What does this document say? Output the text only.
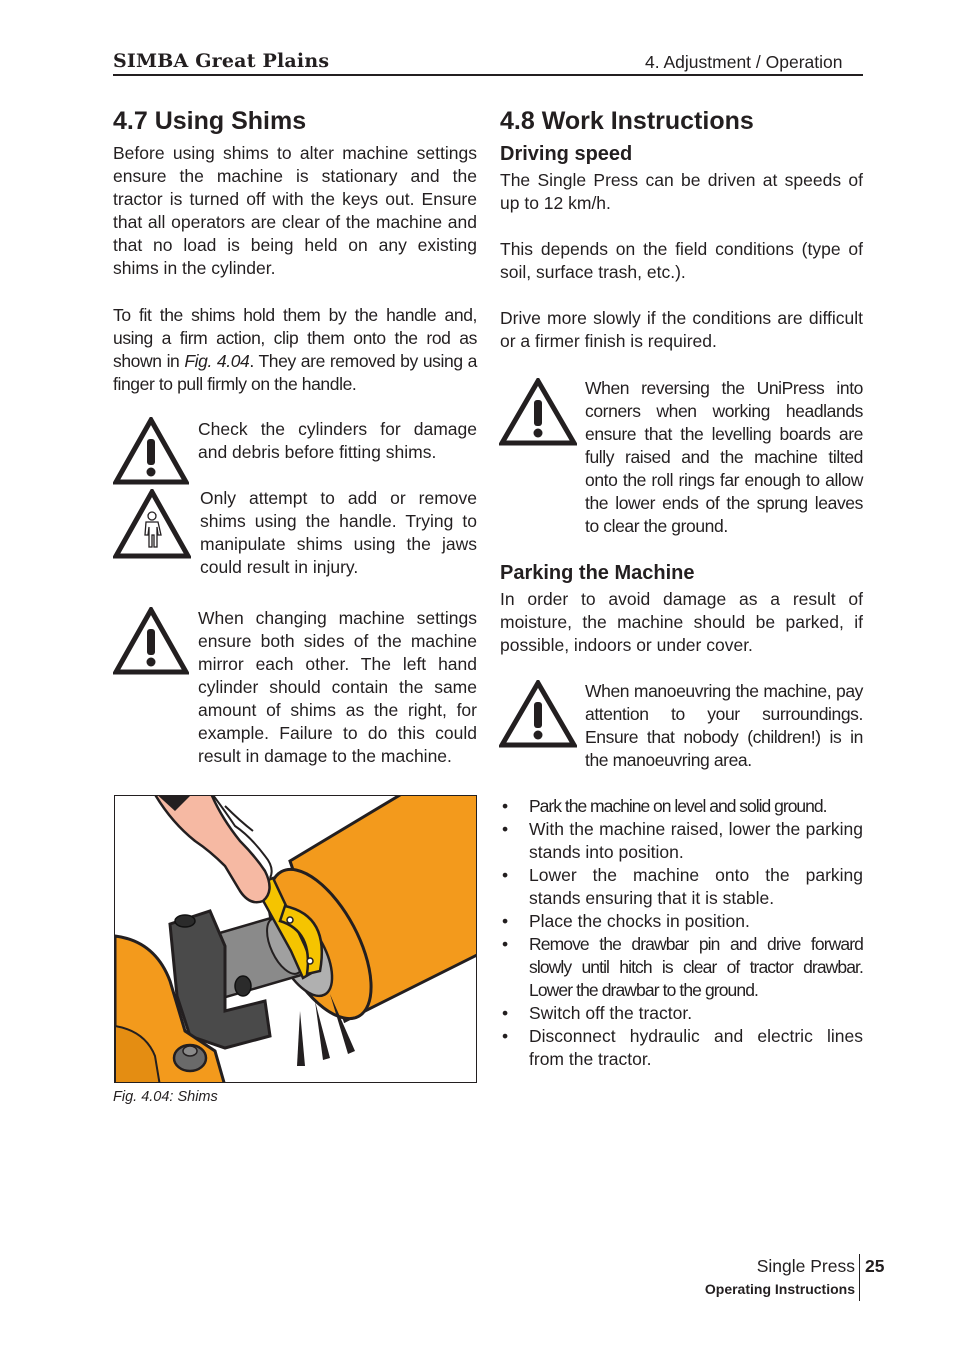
SIMBA Great Plains	4. Adjustment / Operation
4.7 Using Shims

Before using shims to alter machine settings ensure the machine is stationary and the tractor is turned off with the keys out. Ensure that all operators are clear of the machine and that no load is being held on any existing shims in the cylinder.

To fit the shims hold them by the handle and, using a firm action, clip them onto the rod as shown in Fig. 4.04. They are removed by using a finger to pull firmly on the handle.

Check the cylinders for damage and debris before fitting shims.
Only attempt to add or remove shims using the handle. Trying to manipulate shims using the jaws could result in injury.
When changing machine settings ensure both sides of the machine mirror each other. The left hand cylinder should contain the same amount of shims as the right, for example. Failure to do this could result in damage to the machine.
Fig. 4.04: Shims
4.8 Work Instructions
Driving speed

The Single Press can be driven at speeds of up to 12 km/h.

This depends on the field conditions (type of soil, surface trash, etc.).

Drive more slowly if the conditions are difficult or a firmer finish is required.

When reversing the UniPress into corners when working headlands ensure that the levelling boards are fully raised and the machine tilted onto the roll rings far enough to allow the lower ends of the sprung leaves to clear the ground.
Parking the Machine

In order to avoid damage as a result of moisture, the machine should be parked, if possible, indoors or under cover.

When manoeuvring the machine, pay attention to your surroundings. Ensure that nobody (children!) is in the manoeuvring area.
• Park the machine on level and solid ground.
• With the machine raised, lower the parking stands into position.
• Lower the machine onto the parking stands ensuring that it is stable.
• Place the chocks in position.
• Remove the drawbar pin and drive forward slowly until hitch is clear of tractor drawbar. Lower the drawbar to the ground.
• Switch off the tractor.
• Disconnect hydraulic and electric lines from the tractor.
Single Press
Operating Instructions
25
